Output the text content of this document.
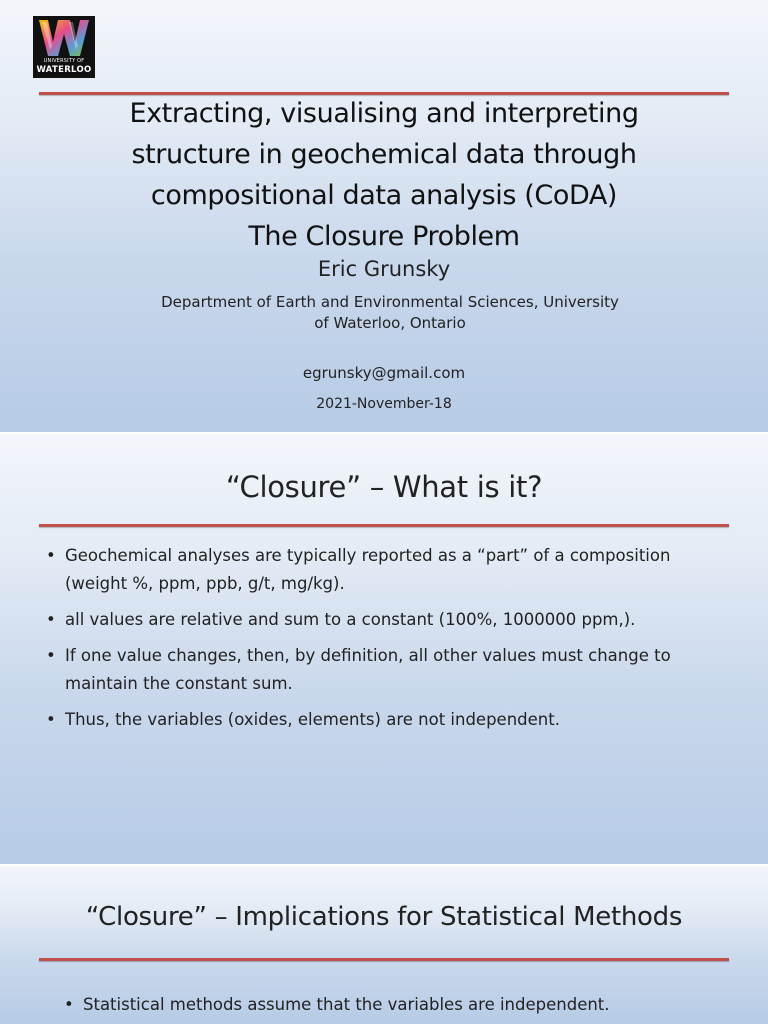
UNIVERSITY OF
WATERLOO
Extracting, visualising and interpreting
structure in geochemical data through
compositional data analysis (CoDA)
The Closure Problem
Eric Grunsky
Department of Earth and Environmental Sciences, University
of Waterloo, Ontario
egrunsky@gmail.com
2021-November-18
“Closure” – What is it?
• Geochemical analyses are typically reported as a “part” of a composition (weight %, ppm, ppb, g/t, mg/kg).
• all values are relative and sum to a constant (100%, 1000000 ppm,).
• If one value changes, then, by definition, all other values must change to maintain the constant sum.
• Thus, the variables (oxides, elements) are not independent.
“Closure” – Implications for Statistical Methods
• Statistical methods assume that the variables are independent.
